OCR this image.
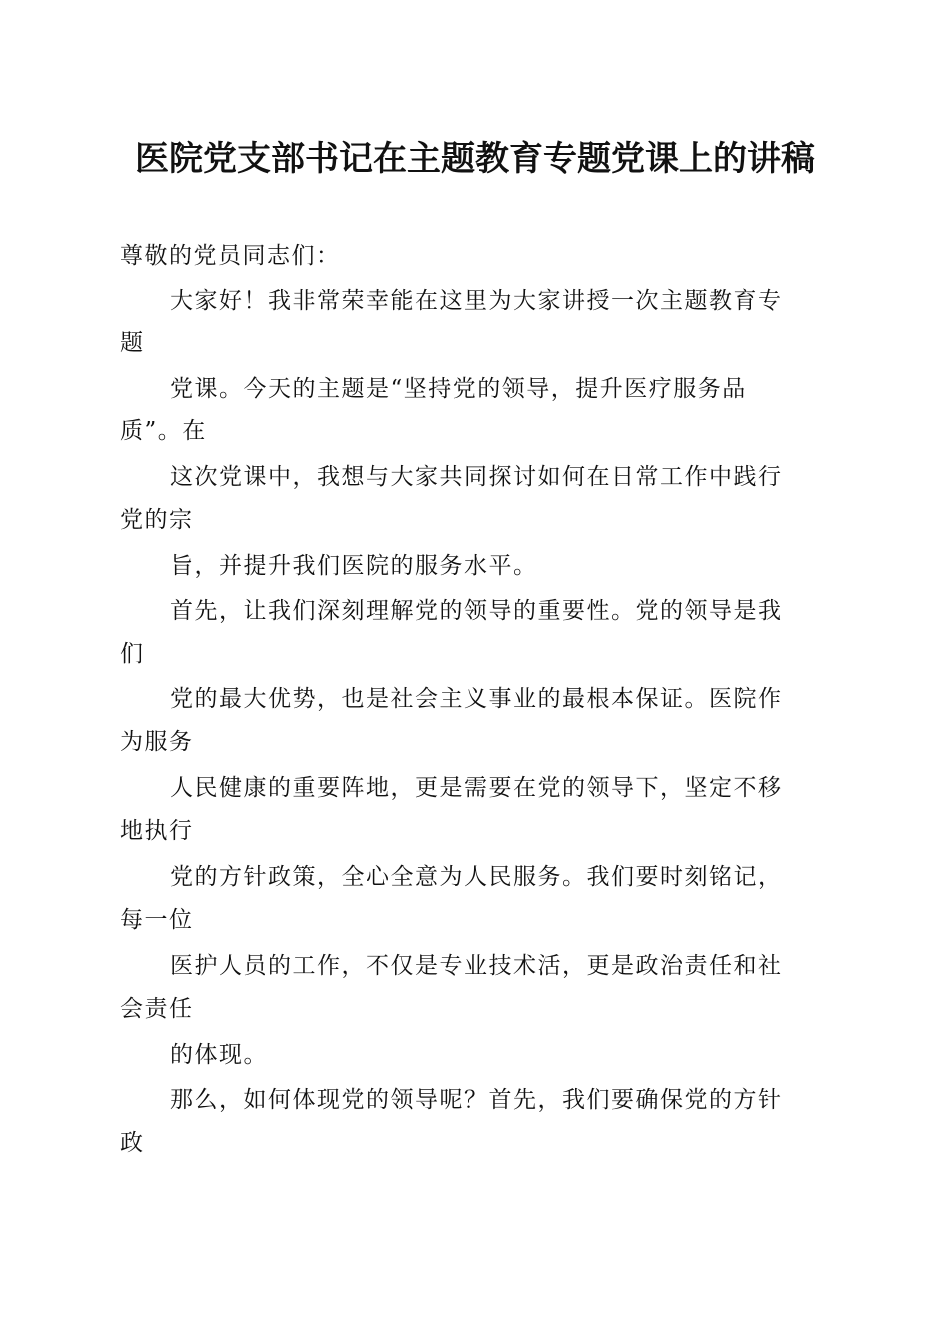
医院党支部书记在主题教育专题党课上的讲稿
尊敬的党员同志们：
大家好！我非常荣幸能在这里为大家讲授一次主题教育专
题
党课。今天的主题是“坚持党的领导，提升医疗服务品
质”。在
这次党课中，我想与大家共同探讨如何在日常工作中践行
党的宗
旨，并提升我们医院的服务水平。
首先，让我们深刻理解党的领导的重要性。党的领导是我
们
党的最大优势，也是社会主义事业的最根本保证。医院作
为服务
人民健康的重要阵地，更是需要在党的领导下，坚定不移
地执行
党的方针政策，全心全意为人民服务。我们要时刻铭记，
每一位
医护人员的工作，不仅是专业技术活，更是政治责任和社
会责任
的体现。
那么，如何体现党的领导呢？首先，我们要确保党的方针
政
